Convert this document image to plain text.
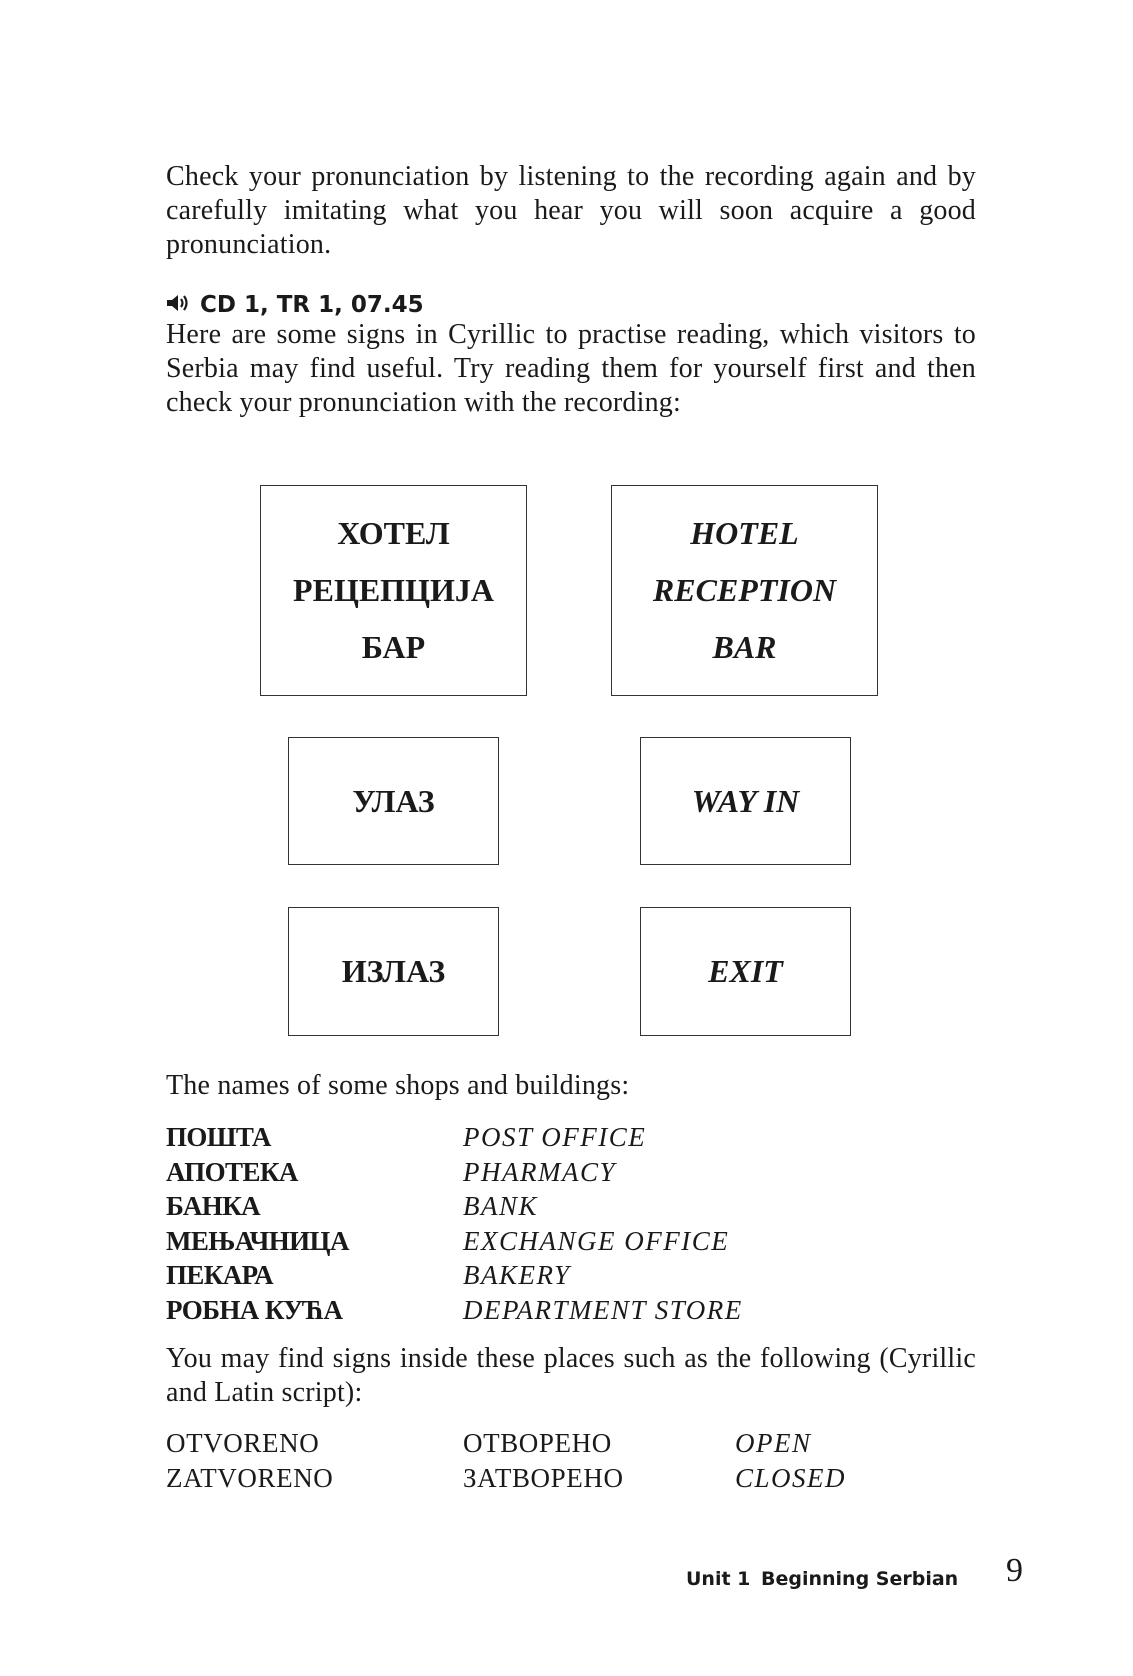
Check your pronunciation by listening to the recording again and by carefully imitating what you hear you will soon acquire a good pronunciation.

CD 1, TR 1, 07.45

Here are some signs in Cyrillic to practise reading, which visitors to Serbia may find useful. Try reading them for yourself first and then check your pronunciation with the recording:

ХОТЕЛ
РЕЦЕПЦИЈА
БАР
HOTEL
RECEPTION
BAR
УЛАЗ	WAY IN
ИЗЛАЗ	EXIT

The names of some shops and buildings:

ПОШТА	POST OFFICE
АПОТЕКА	PHARMACY
БАНКА	BANK
МЕЊАЧНИЦА	EXCHANGE OFFICE
ПЕКАРА	BAKERY
РОБНА КУЋА	DEPARTMENT STORE

You may find signs inside these places such as the following (Cyrillic and Latin script):

OTVORENO	ОТВОРЕНО	OPEN
ZATVORENO	ЗАТВОРЕНО	CLOSED
Unit 1 Beginning Serbian 9
